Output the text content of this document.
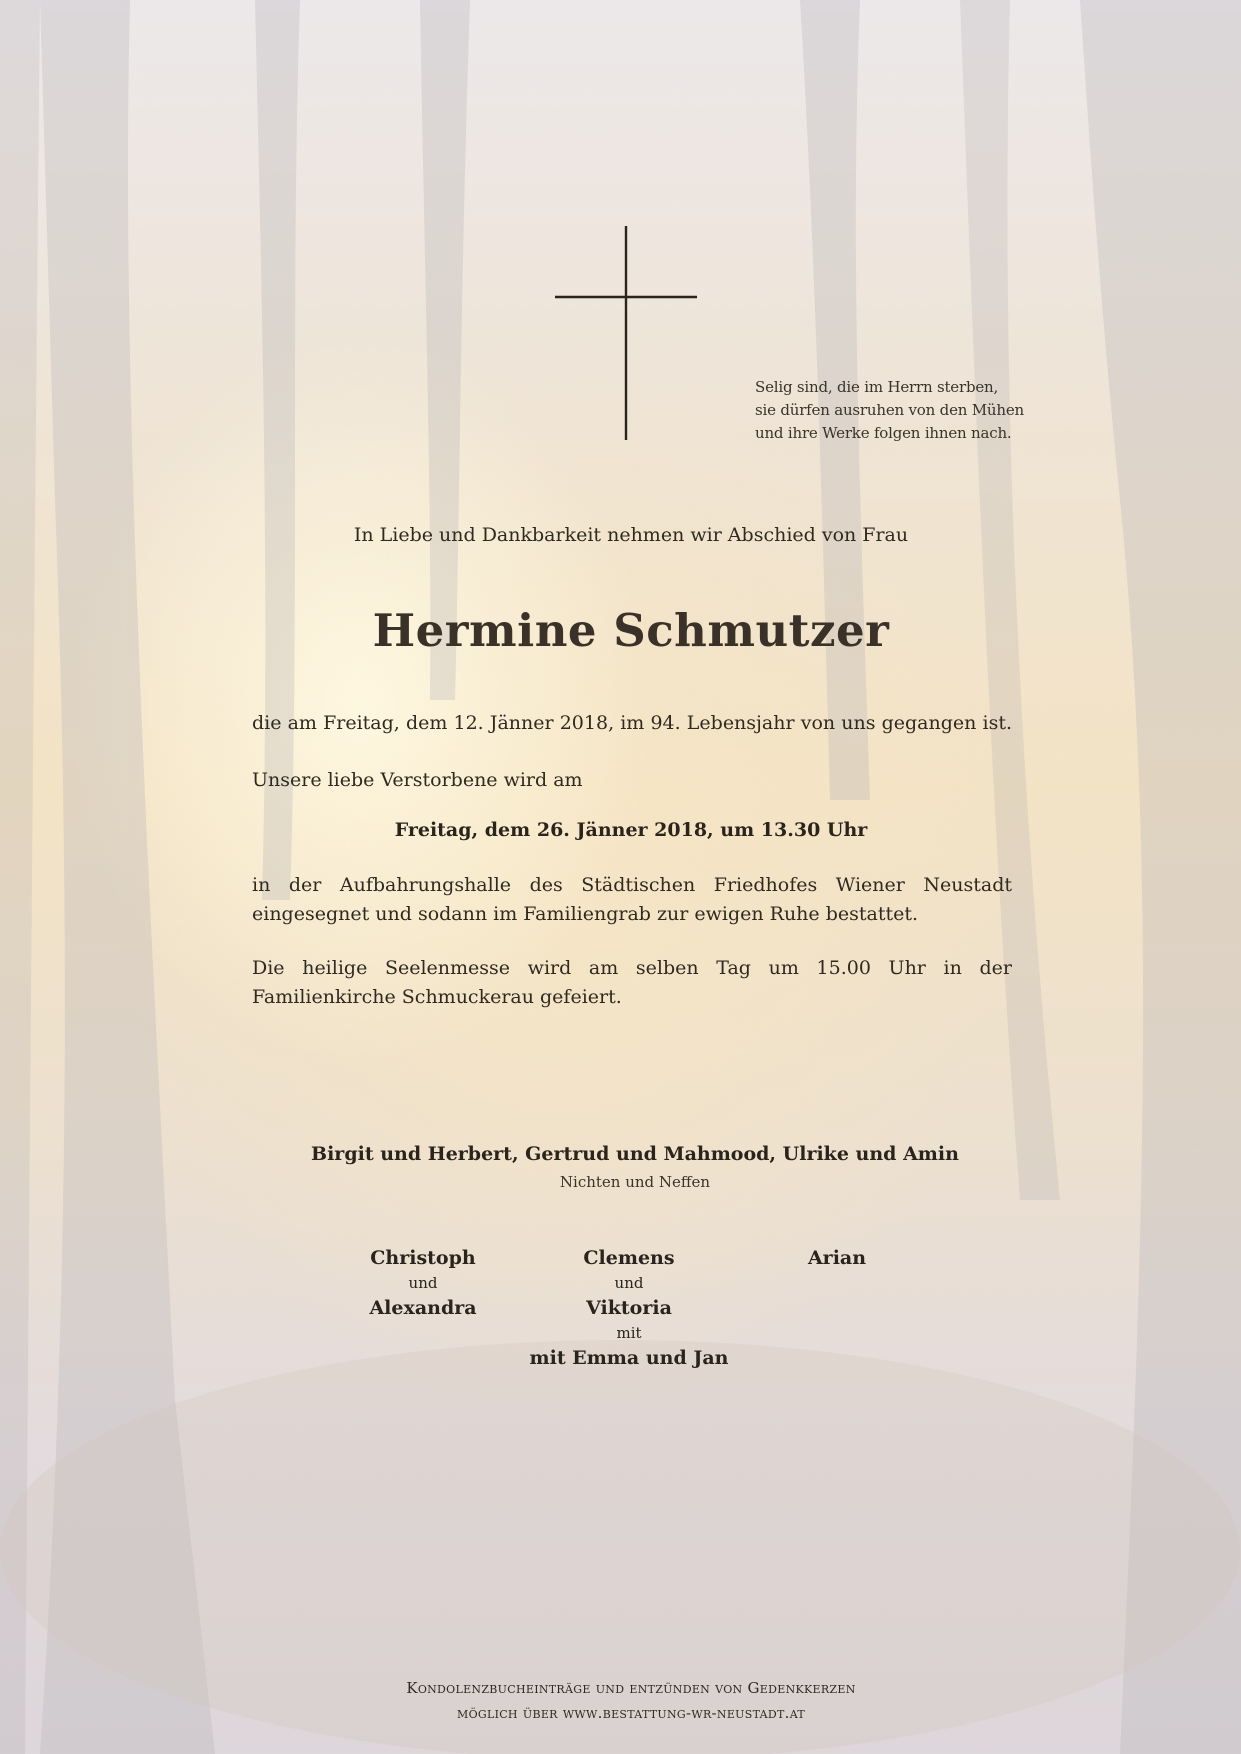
Selig sind, die im Herrn sterben,
sie dürfen ausruhen von den Mühen
und ihre Werke folgen ihnen nach.
In Liebe und Dankbarkeit nehmen wir Abschied von Frau
Hermine Schmutzer
die am Freitag, dem 12. Jänner 2018, im 94. Lebensjahr von uns gegangen ist.
Unsere liebe Verstorbene wird am
Freitag, dem 26. Jänner 2018, um 13.30 Uhr
in der Aufbahrungshalle des Städtischen Friedhofes Wiener Neustadt eingesegnet und sodann im Familiengrab zur ewigen Ruhe bestattet.
Die heilige Seelenmesse wird am selben Tag um 15.00 Uhr in der Familienkirche Schmuckerau gefeiert.
Birgit und Herbert, Gertrud und Mahmood, Ulrike und Amin
Nichten und Neffen
Christoph
und
Alexandra
Clemens
und
Viktoria
mit
mit Emma und Jan
Arian
Kondolenzbucheinträge und entzünden von Gedenkkerzen
möglich über www.bestattung-wr-neustadt.at
